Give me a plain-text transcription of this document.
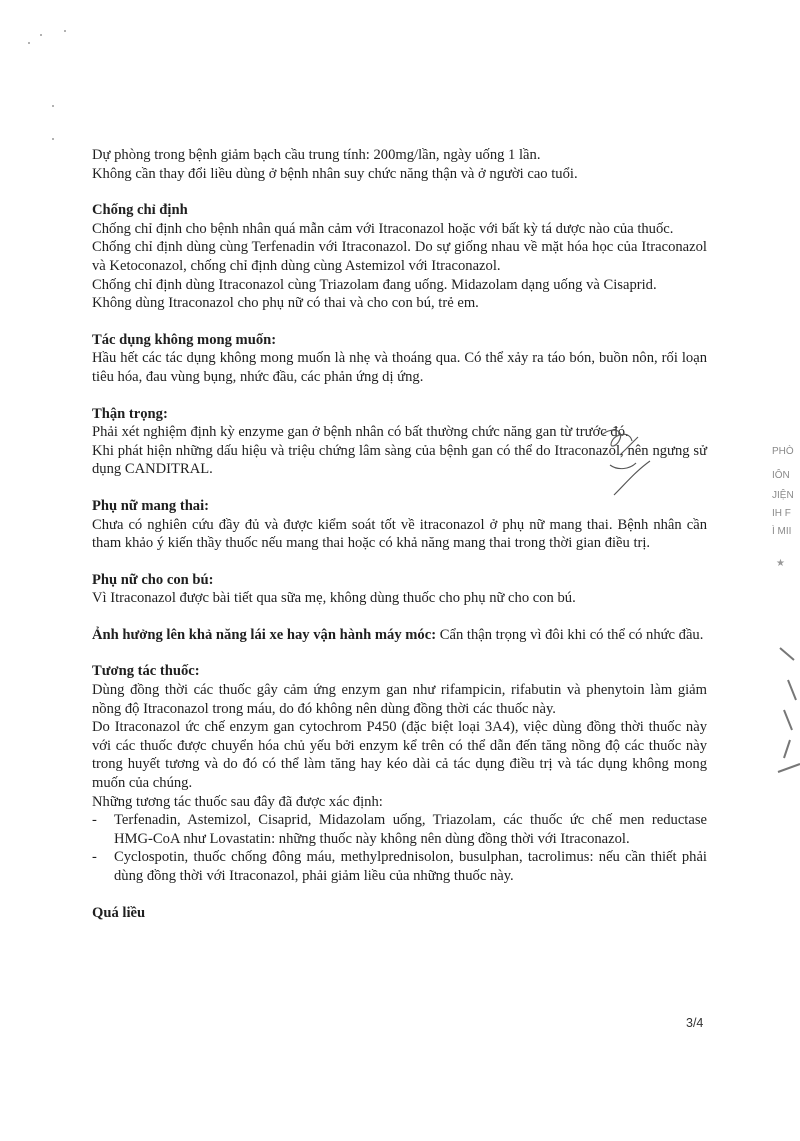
Dự phòng trong bệnh giảm bạch cầu trung tính: 200mg/lần, ngày uống 1 lần.

Không cần thay đổi liều dùng ở bệnh nhân suy chức năng thận và ở người cao tuổi.

Chống chỉ định

Chống chỉ định cho bệnh nhân quá mẫn cảm với Itraconazol hoặc với bất kỳ tá dược nào của thuốc.

Chống chỉ định dùng cùng Terfenadin với Itraconazol. Do sự giống nhau về mặt hóa học của Itraconazol và Ketoconazol, chống chỉ định dùng cùng Astemizol với Itraconazol.

Chống chỉ định dùng Itraconazol cùng Triazolam đang uống. Midazolam dạng uống và Cisaprid.

Không dùng Itraconazol cho phụ nữ có thai và cho con bú, trẻ em.

Tác dụng không mong muốn:

Hầu hết các tác dụng không mong muốn là nhẹ và thoáng qua. Có thể xảy ra táo bón, buồn nôn, rối loạn tiêu hóa, đau vùng bụng, nhức đầu, các phản ứng dị ứng.

Thận trọng:

Phải xét nghiệm định kỳ enzyme gan ở bệnh nhân có bất thường chức năng gan từ trước đó.

Khi phát hiện những dấu hiệu và triệu chứng lâm sàng của bệnh gan có thể do Itraconazol, nên ngưng sử dụng CANDITRAL.

Phụ nữ mang thai:

Chưa có nghiên cứu đầy đủ và được kiểm soát tốt về itraconazol ở phụ nữ mang thai. Bệnh nhân cần tham khảo ý kiến thầy thuốc nếu mang thai hoặc có khả năng mang thai trong thời gian điều trị.

Phụ nữ cho con bú:

Vì Itraconazol được bài tiết qua sữa mẹ, không dùng thuốc cho phụ nữ cho con bú.

Ảnh hưởng lên khả năng lái xe hay vận hành máy móc: Cẩn thận trọng vì đôi khi có thể có nhức đầu.

Tương tác thuốc:

Dùng đồng thời các thuốc gây cảm ứng enzym gan như rifampicin, rifabutin và phenytoin làm giảm nồng độ Itraconazol trong máu, do đó không nên dùng đồng thời các thuốc này.

Do Itraconazol ức chế enzym gan cytochrom P450 (đặc biệt loại 3A4), việc dùng đồng thời thuốc này với các thuốc được chuyển hóa chủ yếu bởi enzym kể trên có thể dẫn đến tăng nồng độ các thuốc này trong huyết tương và do đó có thể làm tăng hay kéo dài cả tác dụng điều trị và tác dụng không mong muốn của chúng.

Những tương tác thuốc sau đây đã được xác định:

- Terfenadin, Astemizol, Cisaprid, Midazolam uống, Triazolam, các thuốc ức chế men reductase HMG-CoA như Lovastatin: những thuốc này không nên dùng đồng thời với Itraconazol.
- Cyclospotin, thuốc chống đông máu, methylprednisolon, busulphan, tacrolimus: nếu cần thiết phải dùng đồng thời với Itraconazol, phải giảm liều của những thuốc này.

Quá liều

PHÒ
IÔN
JIỆN
IH F
Ì MII
★
3/4
